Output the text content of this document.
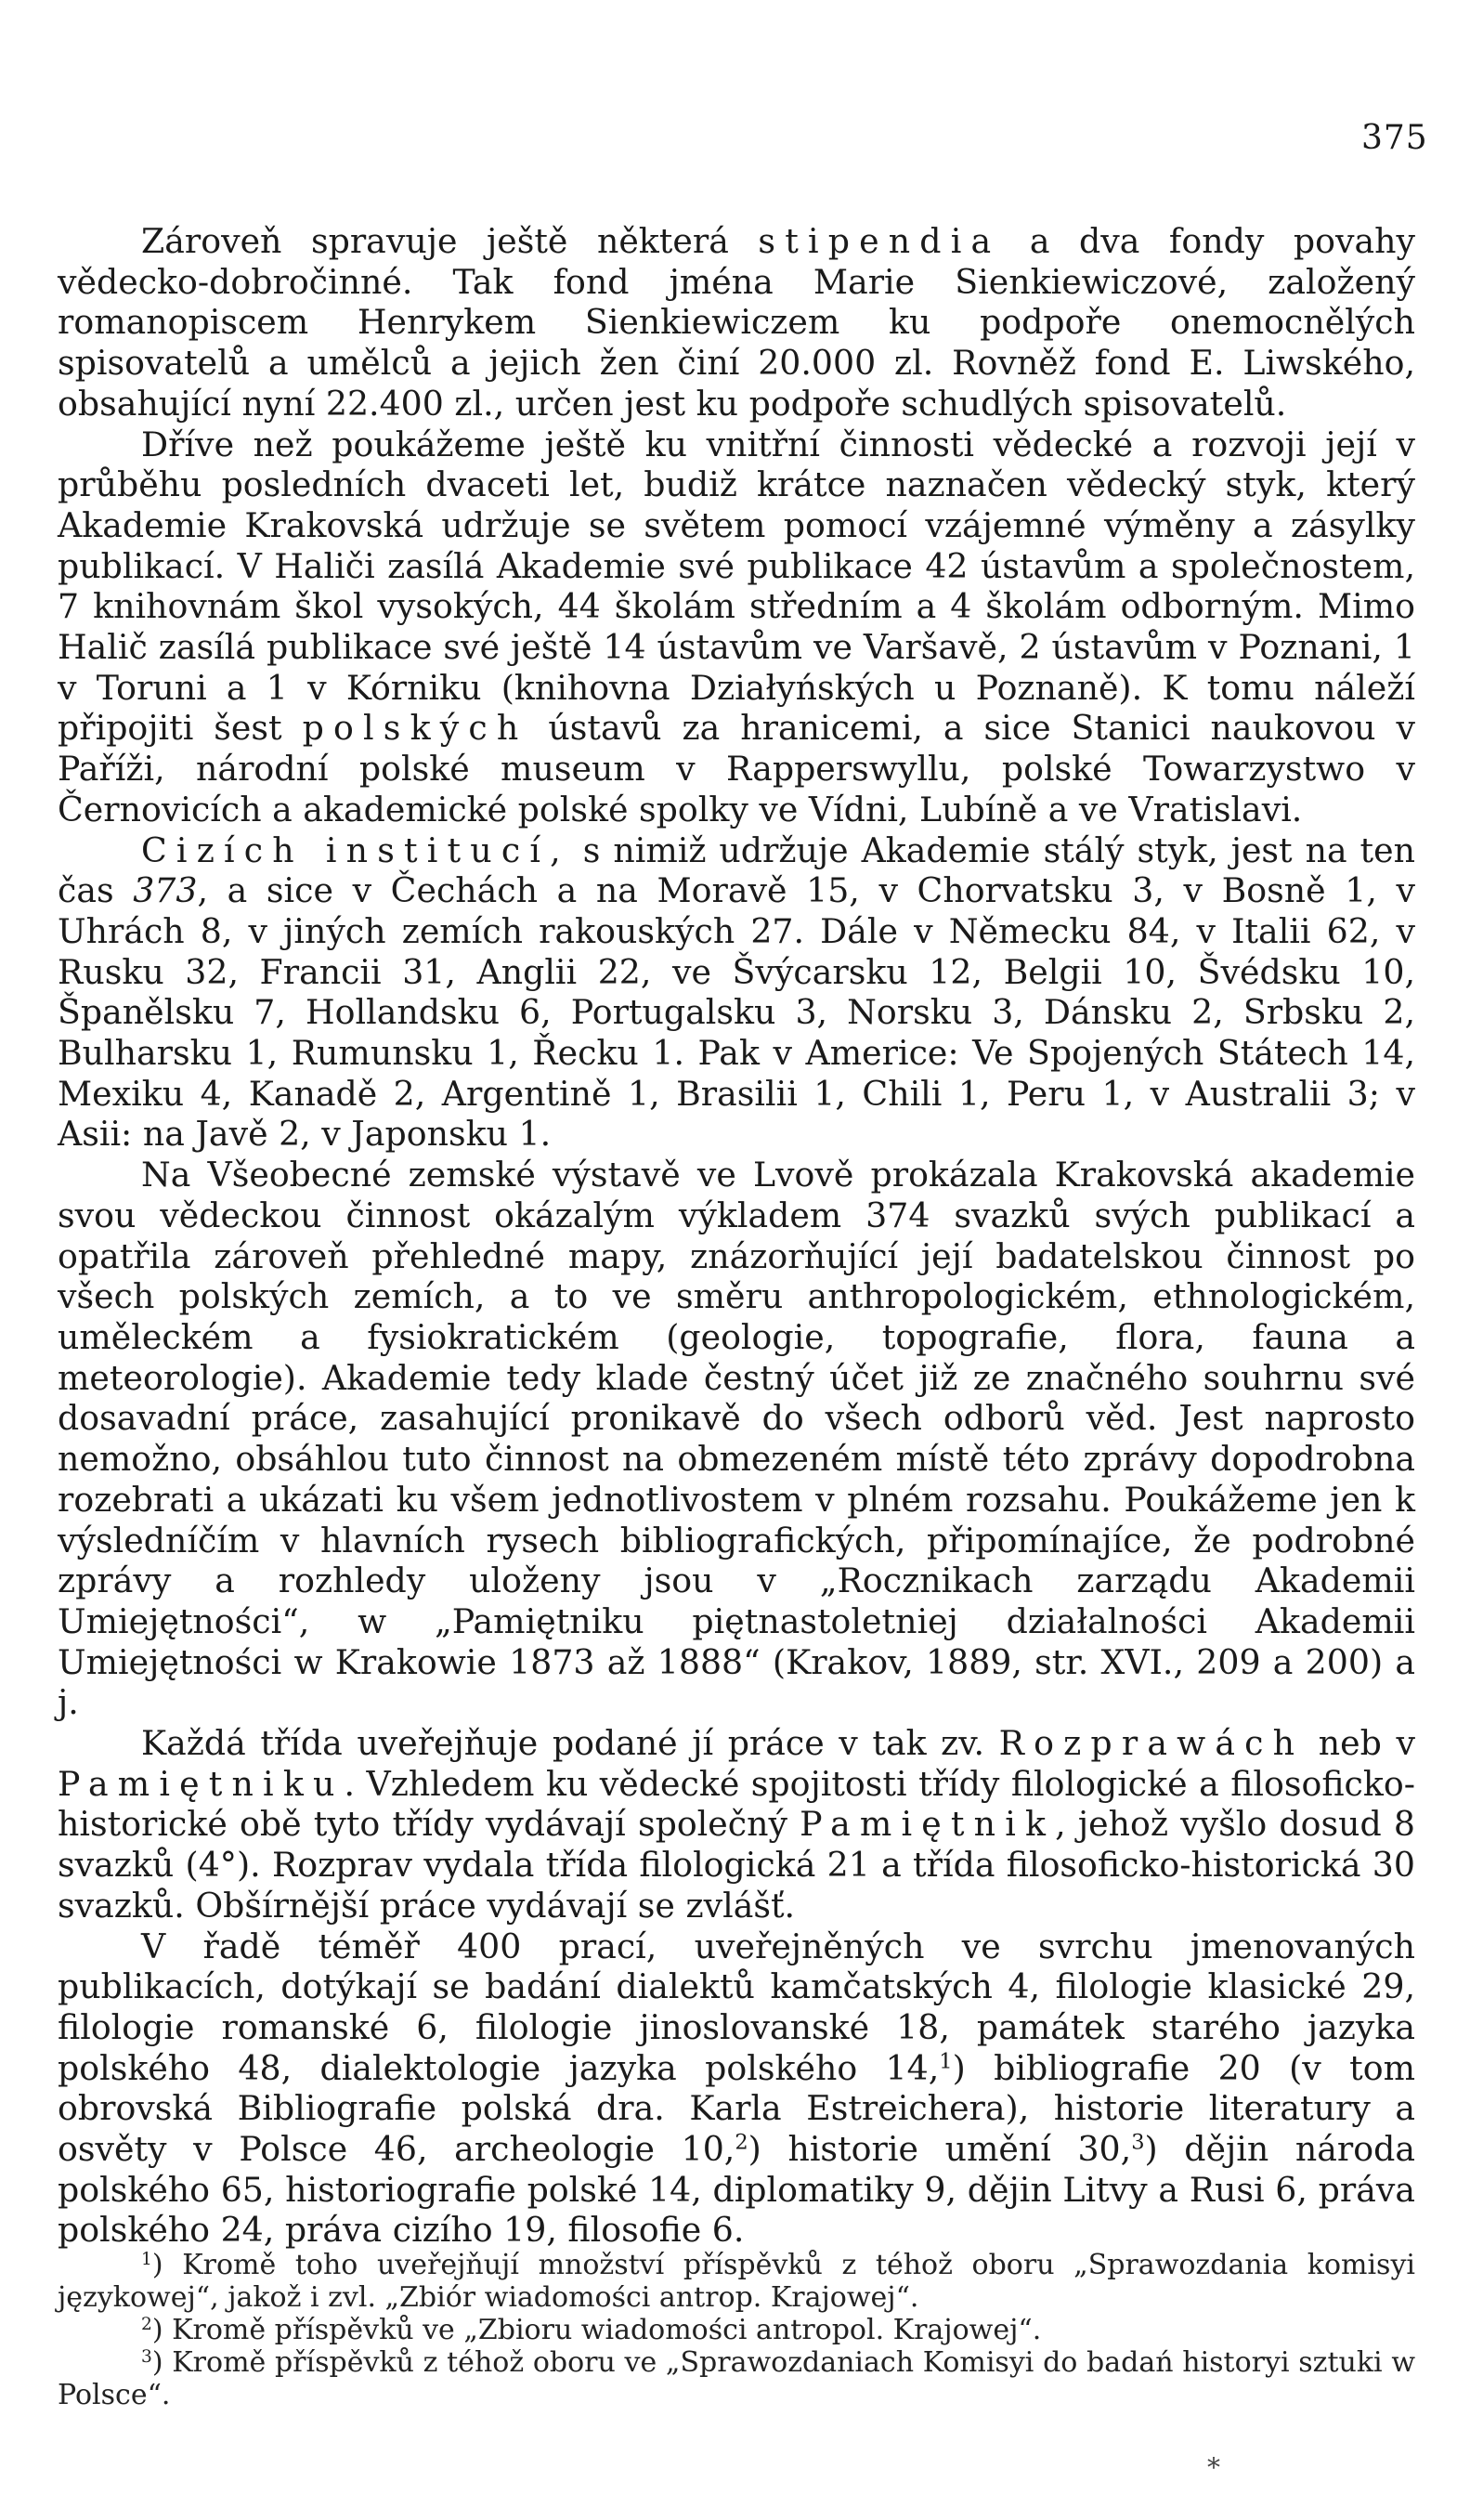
375

Zároveň spravuje ještě některá stipendia a dva fondy povahy vědecko-dobročinné. Tak fond jména Marie Sienkiewiczové, založený romanopiscem Henrykem Sienkiewiczem ku podpoře onemocnělých spisovatelů a umělců a jejich žen činí 20.000 zl. Rovněž fond E. Liwského, obsahující nyní 22.400 zl., určen jest ku podpoře schudlých spisovatelů.

Dříve než poukážeme ještě ku vnitřní činnosti vědecké a rozvoji její v průběhu posledních dvaceti let, budiž krátce naznačen vědecký styk, který Akademie Krakovská udržuje se světem pomocí vzájemné výměny a zásylky publikací. V Haliči zasílá Akademie své publikace 42 ústavům a společnostem, 7 knihovnám škol vysokých, 44 školám středním a 4 školám odborným. Mimo Halič zasílá publikace své ještě 14 ústavům ve Varšavě, 2 ústavům v Poznani, 1 v Toruni a 1 v Kórniku (knihovna Działyńských u Poznaně). K tomu náleží připojiti šest polských ústavů za hranicemi, a sice Stanici naukovou v Paříži, národní polské museum v Rapperswyllu, polské Towarzystwo v Černovicích a akademické polské spolky ve Vídni, Lubíně a ve Vratislavi.

Cizích institucí, s nimiž udržuje Akademie stálý styk, jest na ten čas 373, a sice v Čechách a na Moravě 15, v Chorvatsku 3, v Bosně 1, v Uhrách 8, v jiných zemích rakouských 27. Dále v Německu 84, v Italii 62, v Rusku 32, Francii 31, Anglii 22, ve Švýcarsku 12, Belgii 10, Švédsku 10, Španělsku 7, Hollandsku 6, Portugalsku 3, Norsku 3, Dánsku 2, Srbsku 2, Bulharsku 1, Rumunsku 1, Řecku 1. Pak v Americe: Ve Spojených Státech 14, Mexiku 4, Kanadě 2, Argentině 1, Brasilii 1, Chili 1, Peru 1, v Australii 3; v Asii: na Javě 2, v Japonsku 1.

Na Všeobecné zemské výstavě ve Lvově prokázala Krakovská akademie svou vědeckou činnost okázalým výkladem 374 svazků svých publikací a opatřila zároveň přehledné mapy, znázorňující její badatelskou činnost po všech polských zemích, a to ve směru anthropologickém, ethnologickém, uměleckém a fysiokratickém (geologie, topografie, flora, fauna a meteorologie). Akademie tedy klade čestný účet již ze značného souhrnu své dosavadní práce, zasahující pronikavě do všech odborů věd. Jest naprosto nemožno, obsáhlou tuto činnost na obmezeném místě této zprávy dopodrobna rozebrati a ukázati ku všem jednotlivostem v plném rozsahu. Poukážeme jen k výsledníčím v hlavních rysech bibliografických, připomínajíce, že podrobné zprávy a rozhledy uloženy jsou v „Rocznikach zarządu Akademii Umiejętności“, w „Pamiętniku piętnastoletniej działalności Akademii Umiejętności w Krakowie 1873 až 1888“ (Krakov, 1889, str. XVI., 209 a 200) a j.

Každá třída uveřejňuje podané jí práce v tak zv. Rozprawách neb v Pamiętniku. Vzhledem ku vědecké spojitosti třídy filologické a filosoficko-historické obě tyto třídy vydávají společný Pamiętnik, jehož vyšlo dosud 8 svazků (4°). Rozprav vydala třída filologická 21 a třída filosoficko-historická 30 svazků. Obšírnější práce vydávají se zvlášť.

V řadě téměř 400 prací, uveřejněných ve svrchu jmenovaných publikacích, dotýkají se badání dialektů kamčatských 4, filologie klasické 29, filologie romanské 6, filologie jinoslovanské 18, památek starého jazyka polského 48, dialektologie jazyka polského 14,$^1$) bibliografie 20 (v tom obrovská Bibliografie polská dra. Karla Estreichera), historie literatury a osvěty v Polsce 46, archeologie 10,$^2$) historie umění 30,$^3$) dějin národa polského 65, historiografie polské 14, diplomatiky 9, dějin Litvy a Rusi 6, práva polského 24, práva cizího 19, filosofie 6.

$^1$) Kromě toho uveřejňují množství příspěvků z téhož oboru „Sprawozdania komisyi językowej“, jakož i zvl. „Zbiór wiadomości antrop. Krajowej“.

$^2$) Kromě příspěvků ve „Zbioru wiadomości antropol. Krajowej“.

$^3$) Kromě příspěvků z téhož oboru ve „Sprawozdaniach Komisyi do badań historyi sztuki w Polsce“.

*
